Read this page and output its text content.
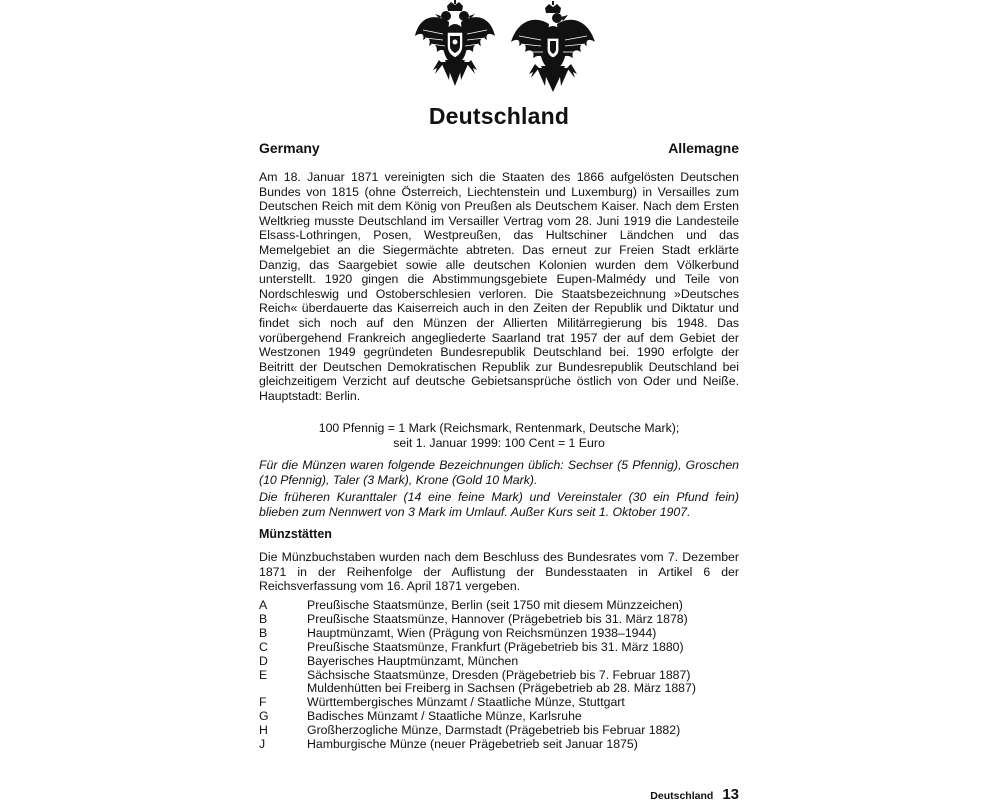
Deutschland
Germany	Allemagne

Am 18. Januar 1871 vereinigten sich die Staaten des 1866 aufgelösten Deutschen Bundes von 1815 (ohne Österreich, Liechtenstein und Luxemburg) in Versailles zum Deutschen Reich mit dem König von Preußen als Deutschem Kaiser. Nach dem Ersten Weltkrieg musste Deutschland im Versailler Vertrag vom 28. Juni 1919 die Landesteile Elsass-Lothringen, Posen, Westpreußen, das Hultschiner Ländchen und das Memelgebiet an die Siegermächte abtreten. Das erneut zur Freien Stadt erklärte Danzig, das Saargebiet sowie alle deutschen Kolonien wurden dem Völkerbund unterstellt. 1920 gingen die Abstimmungsgebiete Eupen-Malmédy und Teile von Nordschleswig und Ostoberschlesien verloren. Die Staatsbezeichnung »Deutsches Reich« überdauerte das Kaiserreich auch in den Zeiten der Republik und Diktatur und findet sich noch auf den Münzen der Allierten Militärregierung bis 1948. Das vorübergehend Frankreich angegliederte Saarland trat 1957 der auf dem Gebiet der Westzonen 1949 gegründeten Bundesrepublik Deutschland bei. 1990 erfolgte der Beitritt der Deutschen Demokratischen Republik zur Bundesrepublik Deutschland bei gleichzeitigem Verzicht auf deutsche Gebietsansprüche östlich von Oder und Neiße. Hauptstadt: Berlin.

100 Pfennig = 1 Mark (Reichsmark, Rentenmark, Deutsche Mark);
seit 1. Januar 1999: 100 Cent = 1 Euro

Für die Münzen waren folgende Bezeichnungen üblich: Sechser (5 Pfennig), Groschen (10 Pfennig), Taler (3 Mark), Krone (Gold 10 Mark).

Die früheren Kuranttaler (14 eine feine Mark) und Vereinstaler (30 ein Pfund fein) blieben zum Nennwert von 3 Mark im Umlauf. Außer Kurs seit 1. Oktober 1907.

Münzstätten

Die Münzbuchstaben wurden nach dem Beschluss des Bundesrates vom 7. Dezember 1871 in der Reihenfolge der Auflistung der Bundesstaaten in Artikel 6 der Reichsverfassung vom 16. April 1871 vergeben.

A	Preußische Staatsmünze, Berlin (seit 1750 mit diesem Münzzeichen)
B	Preußische Staatsmünze, Hannover (Prägebetrieb bis 31. März 1878)
B	Hauptmünzamt, Wien (Prägung von Reichsmünzen 1938–1944)
C	Preußische Staatsmünze, Frankfurt (Prägebetrieb bis 31. März 1880)
D	Bayerisches Hauptmünzamt, München
E	Sächsische Staatsmünze, Dresden (Prägebetrieb bis 7. Februar 1887)
Muldenhütten bei Freiberg in Sachsen (Prägebetrieb ab 28. März 1887)
F	Württembergisches Münzamt / Staatliche Münze, Stuttgart
G	Badisches Münzamt / Staatliche Münze, Karlsruhe
H	Großherzogliche Münze, Darmstadt (Prägebetrieb bis Februar 1882)
J	Hamburgische Münze (neuer Prägebetrieb seit Januar 1875)
Deutschland 13
